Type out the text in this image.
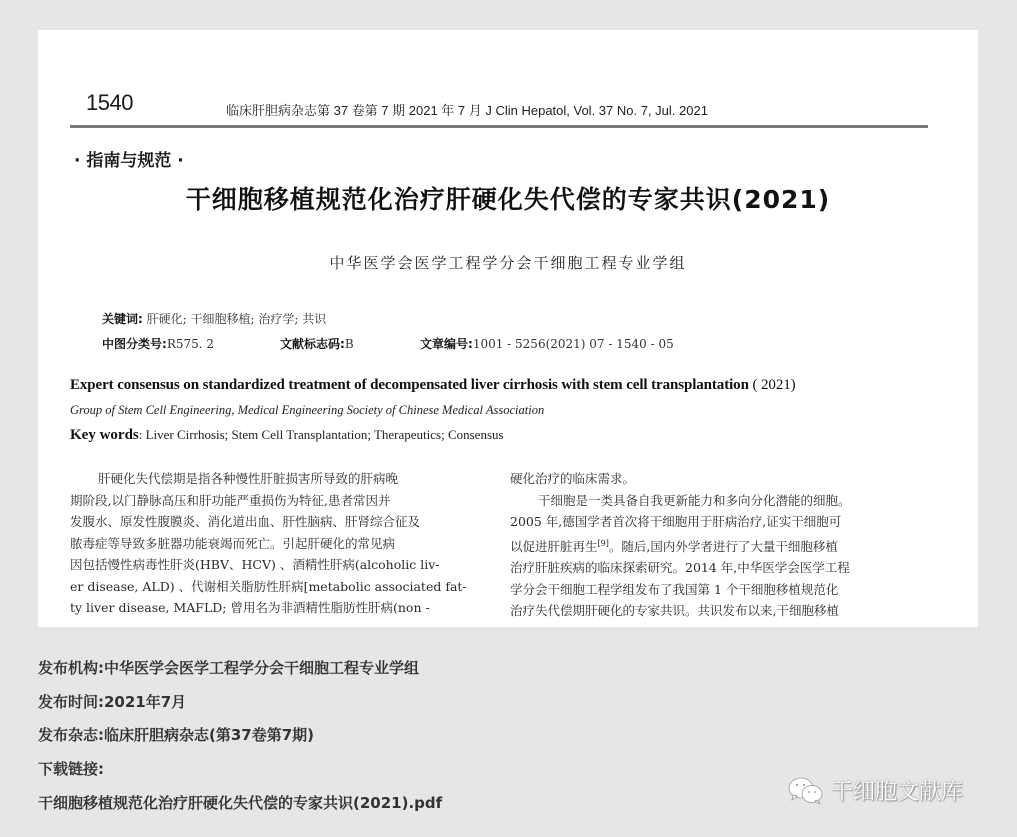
1540	临床肝胆病杂志第 37 卷第 7 期 2021 年 7 月 J Clin Hepatol, Vol. 37 No. 7, Jul. 2021
· 指南与规范 ·
干细胞移植规范化治疗肝硬化失代偿的专家共识(2021)
中华医学会医学工程学分会干细胞工程专业学组
关键词: 肝硬化; 干细胞移植; 治疗学; 共识
中图分类号:R575. 2	文献标志码:B	文章编号:1001 - 5256(2021) 07 - 1540 - 05
Expert consensus on standardized treatment of decompensated liver cirrhosis with stem cell transplantation ( 2021)
Group of Stem Cell Engineering, Medical Engineering Society of Chinese Medical Association
Key words: Liver Cirrhosis; Stem Cell Transplantation; Therapeutics; Consensus
肝硬化失代偿期是指各种慢性肝脏损害所导致的肝病晚
期阶段,以门静脉高压和肝功能严重损伤为特征,患者常因并
发腹水、原发性腹膜炎、消化道出血、肝性脑病、肝肾综合征及
脓毒症等导致多脏器功能衰竭而死亡。引起肝硬化的常见病
因包括慢性病毒性肝炎(HBV、HCV) 、酒精性肝病(alcoholic liv-
er disease, ALD) 、代谢相关脂肪性肝病[metabolic associated fat-
ty liver disease, MAFLD; 曾用名为非酒精性脂肪性肝病(non -
硬化治疗的临床需求。
干细胞是一类具备自我更新能力和多向分化潜能的细胞。
2005 年,德国学者首次将干细胞用于肝病治疗,证实干细胞可
以促进肝脏再生[9]。随后,国内外学者进行了大量干细胞移植
治疗肝脏疾病的临床探索研究。2014 年,中华医学会医学工程
学分会干细胞工程学组发布了我国第 1 个干细胞移植规范化
治疗失代偿期肝硬化的专家共识。共识发布以来,干细胞移植
发布机构:中华医学会医学工程学分会干细胞工程专业学组
发布时间:2021年7月
发布杂志:临床肝胆病杂志(第37卷第7期)
下载链接:
干细胞移植规范化治疗肝硬化失代偿的专家共识(2021).pdf	干细胞文献库
